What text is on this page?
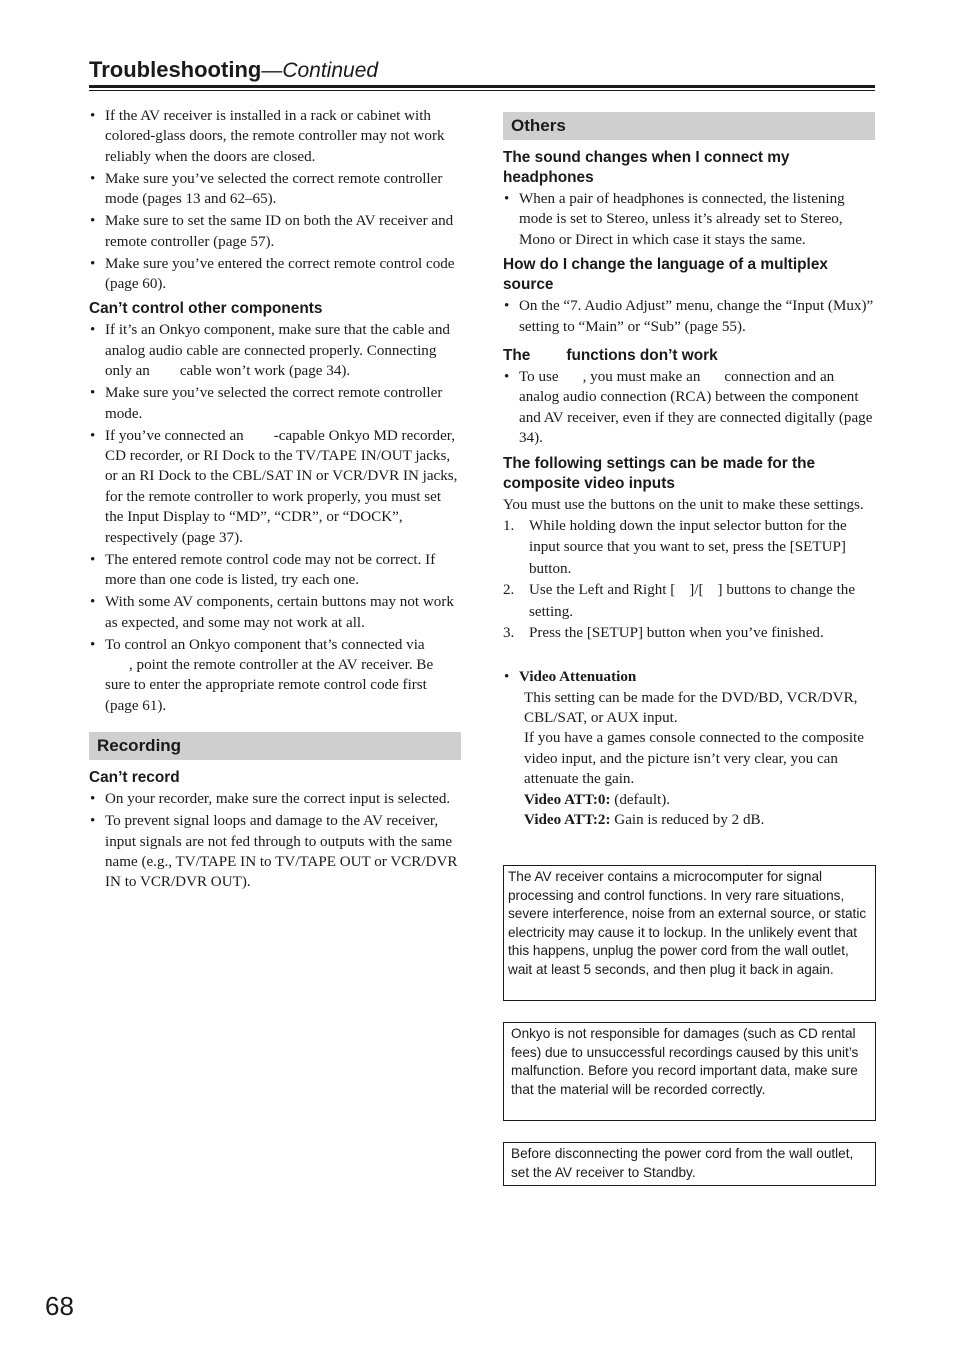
Troubleshooting—Continued
• If the AV receiver is installed in a rack or cabinet with colored-glass doors, the remote controller may not work reliably when the doors are closed.
• Make sure you’ve selected the correct remote controller mode (pages 13 and 62–65).
• Make sure to set the same ID on both the AV receiver and remote controller (page 57).
• Make sure you’ve entered the correct remote control code (page 60).
Can’t control other components
• If it’s an Onkyo component, make sure that the cable and analog audio cable are connected properly. Connecting only an cable won’t work (page 34).
• Make sure you’ve selected the correct remote controller mode.
• If you’ve connected an -capable Onkyo MD recorder, CD recorder, or RI Dock to the TV/TAPE IN/OUT jacks, or an RI Dock to the CBL/SAT IN or VCR/DVR IN jacks, for the remote controller to work properly, you must set the Input Display to “MD”, “CDR”, or “DOCK”, respectively (page 37).
• The entered remote control code may not be correct. If more than one code is listed, try each one.
• With some AV components, certain buttons may not work as expected, and some may not work at all.
• To control an Onkyo component that’s connected via
, point the remote controller at the AV receiver. Be sure to enter the appropriate remote control code first (page 61).
Recording
Can’t record
• On your recorder, make sure the correct input is selected.
• To prevent signal loops and damage to the AV receiver, input signals are not fed through to outputs with the same name (e.g., TV/TAPE IN to TV/TAPE OUT or VCR/DVR IN to VCR/DVR OUT).
Others
The sound changes when I connect my headphones
• When a pair of headphones is connected, the listening mode is set to Stereo, unless it’s already set to Stereo, Mono or Direct in which case it stays the same.
How do I change the language of a multiplex source
• On the “7. Audio Adjust” menu, change the “Input (Mux)” setting to “Main” or “Sub” (page 55).
The functions don’t work
• To use , you must make an connection and an analog audio connection (RCA) between the component and AV receiver, even if they are connected digitally (page 34).
The following settings can be made for the composite video inputs
You must use the buttons on the unit to make these settings.
1. While holding down the input selector button for the input source that you want to set, press the [SETUP] button.
2. Use the Left and Right [ ]/[ ] buttons to change the setting.
3. Press the [SETUP] button when you’ve finished.
• Video Attenuation
This setting can be made for the DVD/BD, VCR/DVR, CBL/SAT, or AUX input.
If you have a games console connected to the composite video input, and the picture isn’t very clear, you can attenuate the gain.
Video ATT:0: (default).
Video ATT:2: Gain is reduced by 2 dB.
The AV receiver contains a microcomputer for signal processing and control functions. In very rare situations, severe interference, noise from an external source, or static electricity may cause it to lockup. In the unlikely event that this happens, unplug the power cord from the wall outlet, wait at least 5 seconds, and then plug it back in again.
Onkyo is not responsible for damages (such as CD rental fees) due to unsuccessful recordings caused by this unit’s malfunction. Before you record important data, make sure that the material will be recorded correctly.
Before disconnecting the power cord from the wall outlet, set the AV receiver to Standby.
68
